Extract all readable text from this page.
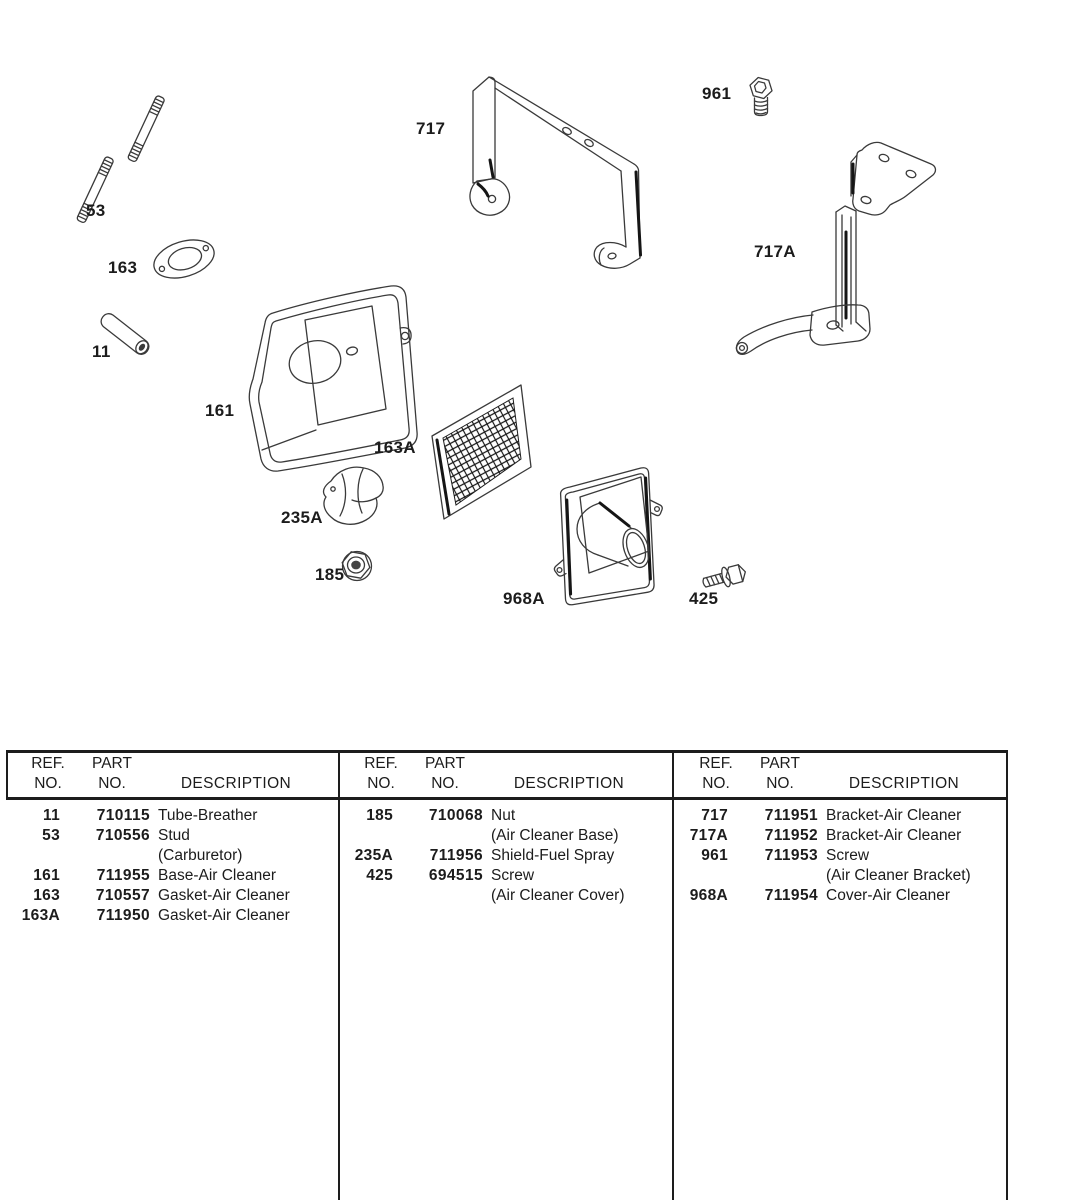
53
163
11
161
717
961
717A
163A
235A
185
968A	425
REF.
NO.
PART
NO.	DESCRIPTION
REF.
NO.
PART
NO.	DESCRIPTION
REF.
NO.
PART
NO.	DESCRIPTION
11	710115 Tube-Breather
53	710556 Stud
(Carburetor)
161	711955 Base-Air Cleaner
163	710557 Gasket-Air Cleaner
163A	711950 Gasket-Air Cleaner
185	710068 Nut
(Air Cleaner Base)
235A	711956 Shield-Fuel Spray
425	694515 Screw
(Air Cleaner Cover)
717	711951 Bracket-Air Cleaner
717A	711952 Bracket-Air Cleaner
961	711953 Screw
(Air Cleaner Bracket)
968A	711954 Cover-Air Cleaner
